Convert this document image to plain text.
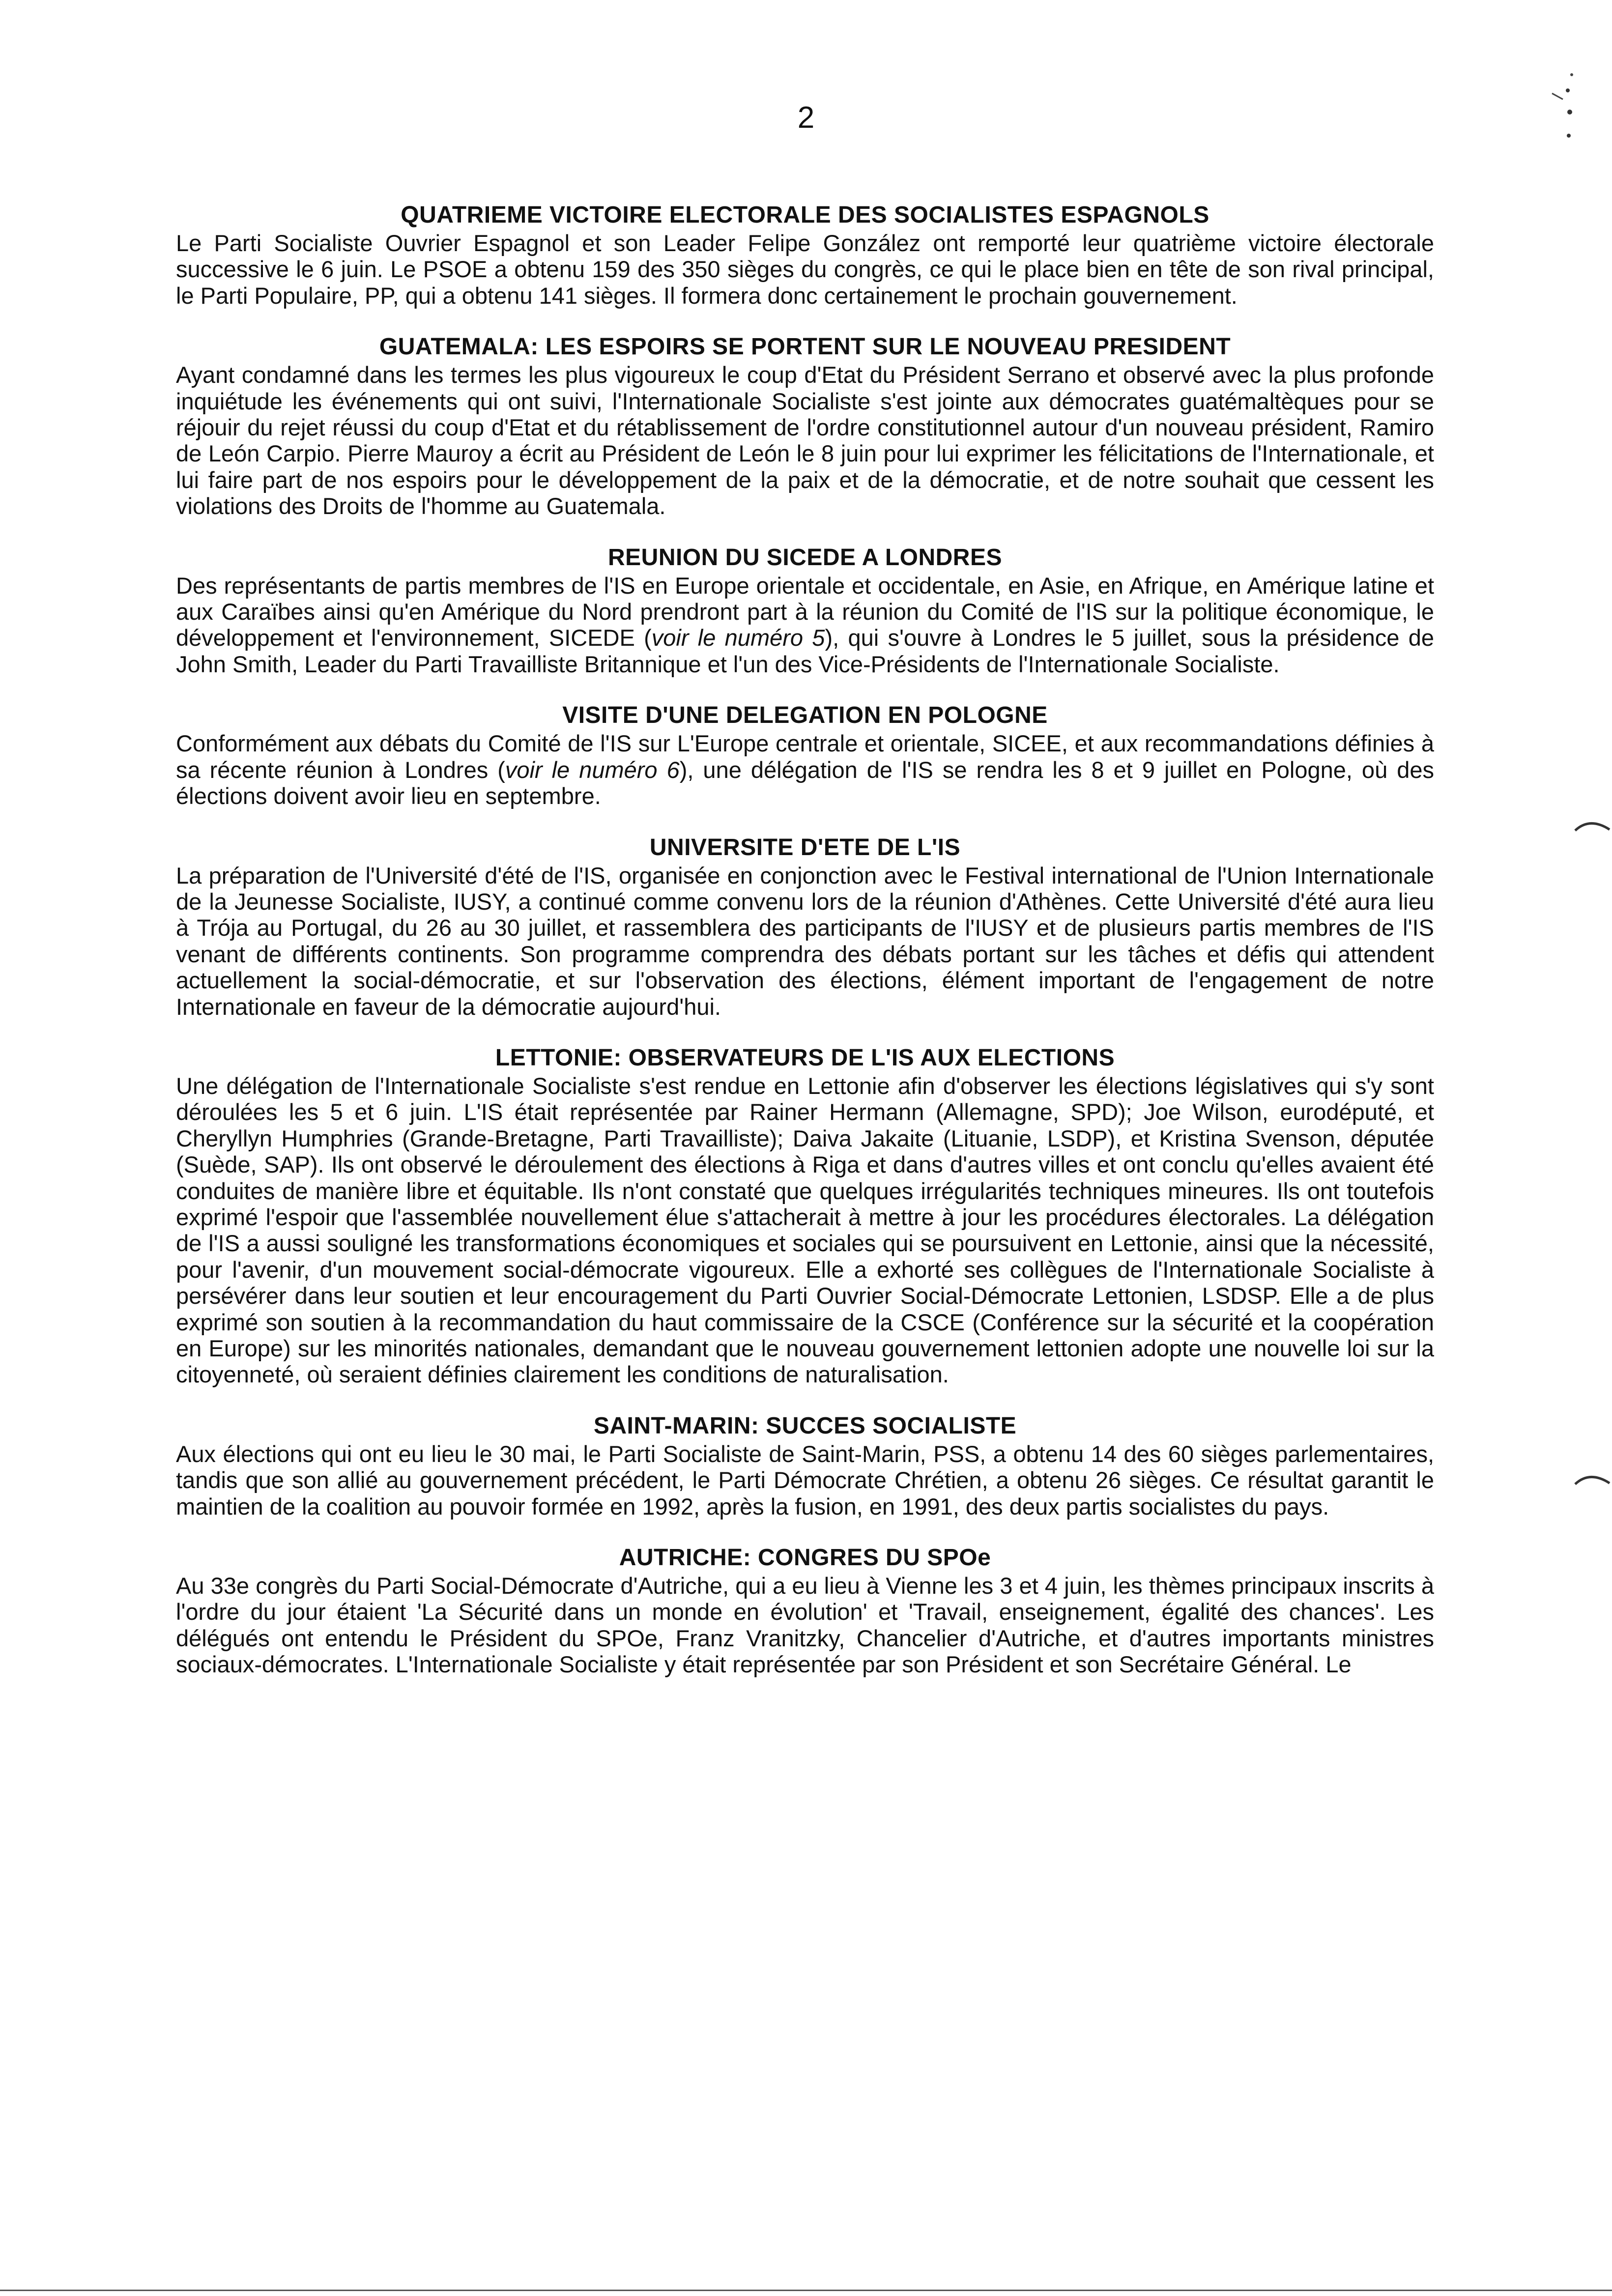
2
QUATRIEME VICTOIRE ELECTORALE DES SOCIALISTES ESPAGNOLS

Le Parti Socialiste Ouvrier Espagnol et son Leader Felipe González ont remporté leur quatrième victoire électorale successive le 6 juin. Le PSOE a obtenu 159 des 350 sièges du congrès, ce qui le place bien en tête de son rival principal, le Parti Populaire, PP, qui a obtenu 141 sièges. Il formera donc certainement le prochain gouvernement.

GUATEMALA: LES ESPOIRS SE PORTENT SUR LE NOUVEAU PRESIDENT

Ayant condamné dans les termes les plus vigoureux le coup d'Etat du Président Serrano et observé avec la plus profonde inquiétude les événements qui ont suivi, l'Internationale Socialiste s'est jointe aux démocrates guatémaltèques pour se réjouir du rejet réussi du coup d'Etat et du rétablissement de l'ordre constitutionnel autour d'un nouveau président, Ramiro de León Carpio. Pierre Mauroy a écrit au Président de León le 8 juin pour lui exprimer les félicitations de l'Internationale, et lui faire part de nos espoirs pour le développement de la paix et de la démocratie, et de notre souhait que cessent les violations des Droits de l'homme au Guatemala.

REUNION DU SICEDE A LONDRES

Des représentants de partis membres de l'IS en Europe orientale et occidentale, en Asie, en Afrique, en Amérique latine et aux Caraïbes ainsi qu'en Amérique du Nord prendront part à la réunion du Comité de l'IS sur la politique économique, le développement et l'environnement, SICEDE (voir le numéro 5), qui s'ouvre à Londres le 5 juillet, sous la présidence de John Smith, Leader du Parti Travailliste Britannique et l'un des Vice-Présidents de l'Internationale Socialiste.

VISITE D'UNE DELEGATION EN POLOGNE

Conformément aux débats du Comité de l'IS sur L'Europe centrale et orientale, SICEE, et aux recommandations définies à sa récente réunion à Londres (voir le numéro 6), une délégation de l'IS se rendra les 8 et 9 juillet en Pologne, où des élections doivent avoir lieu en septembre.

UNIVERSITE D'ETE DE L'IS

La préparation de l'Université d'été de l'IS, organisée en conjonction avec le Festival international de l'Union Internationale de la Jeunesse Socialiste, IUSY, a continué comme convenu lors de la réunion d'Athènes. Cette Université d'été aura lieu à Trója au Portugal, du 26 au 30 juillet, et rassemblera des participants de l'IUSY et de plusieurs partis membres de l'IS venant de différents continents. Son programme comprendra des débats portant sur les tâches et défis qui attendent actuellement la social-démocratie, et sur l'observation des élections, élément important de l'engagement de notre Internationale en faveur de la démocratie aujourd'hui.

LETTONIE: OBSERVATEURS DE L'IS AUX ELECTIONS

Une délégation de l'Internationale Socialiste s'est rendue en Lettonie afin d'observer les élections législatives qui s'y sont déroulées les 5 et 6 juin. L'IS était représentée par Rainer Hermann (Allemagne, SPD); Joe Wilson, eurodéputé, et Cheryllyn Humphries (Grande-Bretagne, Parti Travailliste); Daiva Jakaite (Lituanie, LSDP), et Kristina Svenson, députée (Suède, SAP). Ils ont observé le déroulement des élections à Riga et dans d'autres villes et ont conclu qu'elles avaient été conduites de manière libre et équitable. Ils n'ont constaté que quelques irrégularités techniques mineures. Ils ont toutefois exprimé l'espoir que l'assemblée nouvellement élue s'attacherait à mettre à jour les procédures électorales. La délégation de l'IS a aussi souligné les transformations économiques et sociales qui se poursuivent en Lettonie, ainsi que la nécessité, pour l'avenir, d'un mouvement social-démocrate vigoureux. Elle a exhorté ses collègues de l'Internationale Socialiste à persévérer dans leur soutien et leur encouragement du Parti Ouvrier Social-Démocrate Lettonien, LSDSP. Elle a de plus exprimé son soutien à la recommandation du haut commissaire de la CSCE (Conférence sur la sécurité et la coopération en Europe) sur les minorités nationales, demandant que le nouveau gouvernement lettonien adopte une nouvelle loi sur la citoyenneté, où seraient définies clairement les conditions de naturalisation.

SAINT-MARIN: SUCCES SOCIALISTE

Aux élections qui ont eu lieu le 30 mai, le Parti Socialiste de Saint-Marin, PSS, a obtenu 14 des 60 sièges parlementaires, tandis que son allié au gouvernement précédent, le Parti Démocrate Chrétien, a obtenu 26 sièges. Ce résultat garantit le maintien de la coalition au pouvoir formée en 1992, après la fusion, en 1991, des deux partis socialistes du pays.

AUTRICHE: CONGRES DU SPOe

Au 33e congrès du Parti Social-Démocrate d'Autriche, qui a eu lieu à Vienne les 3 et 4 juin, les thèmes principaux inscrits à l'ordre du jour étaient 'La Sécurité dans un monde en évolution' et 'Travail, enseignement, égalité des chances'. Les délégués ont entendu le Président du SPOe, Franz Vranitzky, Chancelier d'Autriche, et d'autres importants ministres sociaux-démocrates. L'Internationale Socialiste y était représentée par son Président et son Secrétaire Général. Le
